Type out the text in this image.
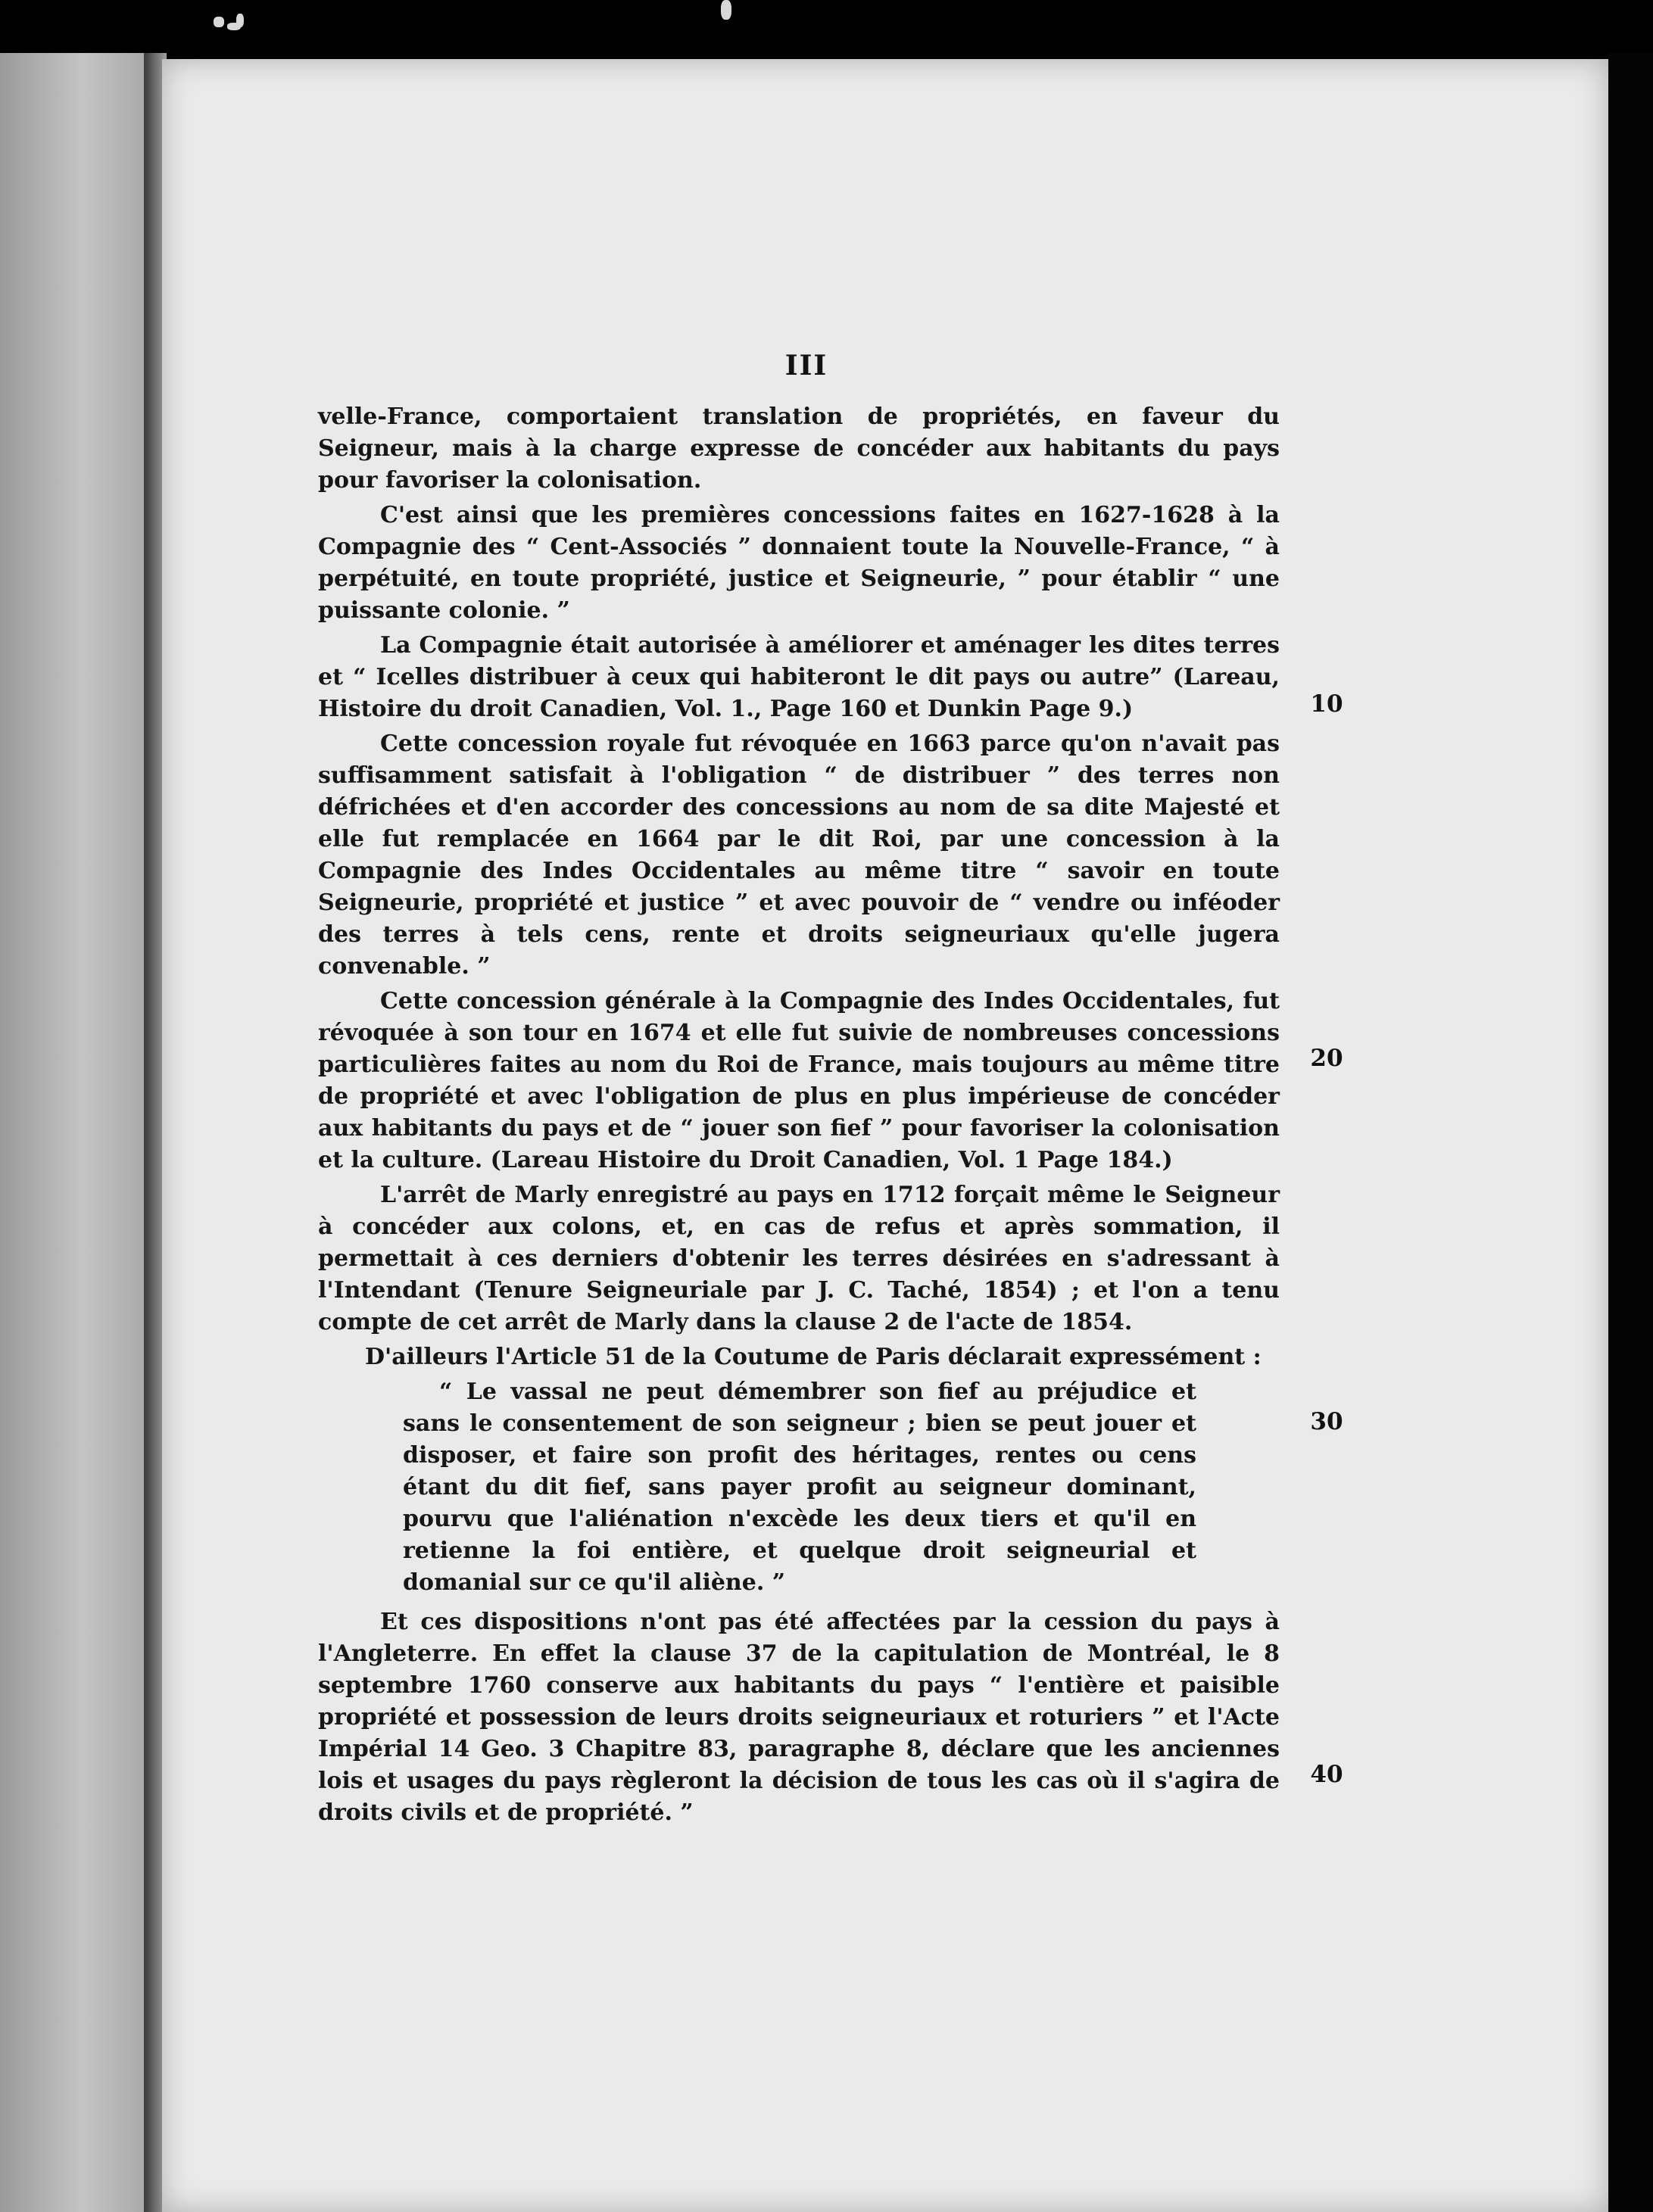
III

velle-France, comportaient translation de propriétés, en faveur du Seigneur, mais à la charge expresse de concéder aux habitants du pays pour favoriser la colonisation.

C'est ainsi que les premières concessions faites en 1627-1628 à la Compagnie des “ Cent-Associés ” donnaient toute la Nouvelle-France, “ à perpétuité, en toute propriété, justice et Seigneurie, ” pour établir “ une puissante colonie. ”

La Compagnie était autorisée à améliorer et aménager les dites terres et “ Icelles distribuer à ceux qui habiteront le dit pays ou autre” (Lareau, Histoire du droit Canadien, Vol. 1., Page 160 et Dunkin Page 9.)

Cette concession royale fut révoquée en 1663 parce qu'on n'avait pas suffisamment satisfait à l'obligation “ de distribuer ” des terres non défrichées et d'en accorder des concessions au nom de sa dite Majesté et elle fut remplacée en 1664 par le dit Roi, par une concession à la Compagnie des Indes Occidentales au même titre “ savoir en toute Seigneurie, propriété et justice ” et avec pouvoir de “ vendre ou inféoder des terres à tels cens, rente et droits seigneuriaux qu'elle jugera convenable. ”

Cette concession générale à la Compagnie des Indes Occidentales, fut révoquée à son tour en 1674 et elle fut suivie de nombreuses concessions particulières faites au nom du Roi de France, mais toujours au même titre de propriété et avec l'obligation de plus en plus impérieuse de concéder aux habitants du pays et de “ jouer son fief ” pour favoriser la colonisation et la culture. (Lareau Histoire du Droit Canadien, Vol. 1 Page 184.)

L'arrêt de Marly enregistré au pays en 1712 forçait même le Seigneur à concéder aux colons, et, en cas de refus et après sommation, il permettait à ces derniers d'obtenir les terres désirées en s'adressant à l'Intendant (Tenure Seigneuriale par J. C. Taché, 1854) ; et l'on a tenu compte de cet arrêt de Marly dans la clause 2 de l'acte de 1854.

D'ailleurs l'Article 51 de la Coutume de Paris déclarait expressément :

“ Le vassal ne peut démembrer son fief au préjudice et sans le consentement de son seigneur ; bien se peut jouer et disposer, et faire son profit des héritages, rentes ou cens étant du dit fief, sans payer profit au seigneur dominant, pourvu que l'aliénation n'excède les deux tiers et qu'il en retienne la foi entière, et quelque droit seigneurial et domanial sur ce qu'il aliène. ”

Et ces dispositions n'ont pas été affectées par la cession du pays à l'Angleterre. En effet la clause 37 de la capitulation de Montréal, le 8 septembre 1760 conserve aux habitants du pays “ l'entière et paisible propriété et possession de leurs droits seigneuriaux et roturiers ” et l'Acte Impérial 14 Geo. 3 Chapitre 83, paragraphe 8, déclare que les anciennes lois et usages du pays règleront la décision de tous les cas où il s'agira de droits civils et de propriété. ”

10
20
30
40
